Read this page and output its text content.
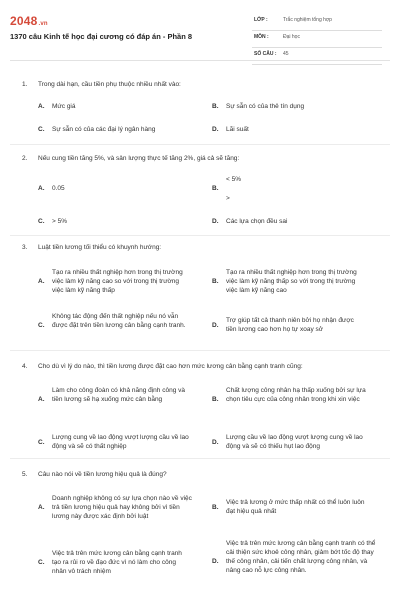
2048.vn
1370 câu Kinh tế học đại cương có đáp án - Phần 8
LỚP :	Trắc nghiệm tổng hợp
MÔN :	Đại học
SỐ CÂU : 45
1. Trong dài hạn, cầu tiền phụ thuộc nhiều nhất vào:
A. Mức giá	B. Sự sẵn có của thẻ tín dụng
C. Sự sẵn có của các đại lý ngân hàng	D. Lãi suất
2. Nếu cung tiền tăng 5%, và sản lượng thực tế tăng 2%, giá cả sẽ tăng:
A. 0.05	B.
< 5%
>
C. > 5%	D. Các lựa chọn đều sai
3. Luật tiền lương tối thiểu có khuynh hướng:
A.
Tạo ra nhiều thất nghiệp hơn trong thị trường việc làm kỹ năng cao so với trong thị trường việc làm kỹ năng thấp
B.
Tạo ra nhiều thất nghiệp hơn trong thị trường việc làm kỹ năng thấp so với trong thị trường việc làm kỹ năng cao
C.
Không tác động đến thất nghiệp nếu nó vẫn được đặt trên tiền lương cân bằng cạnh tranh.	D.
Trợ giúp tất cả thanh niên bởi họ nhận được tiền lương cao hơn họ tự xoay sở
4. Cho dù vì lý do nào, thì tiền lương được đặt cao hơn mức lương cân bằng cạnh tranh cũng:
A.
Làm cho công đoàn có khả năng định công và tiền lương sẽ hạ xuống mức cân bằng	B.
Chất lượng công nhân hạ thấp xuống bởi sự lựa chọn tiêu cực của công nhân trong khi xin việc
C.
Lượng cung về lao động vượt lượng cầu về lao động và sẽ có thất nghiệp
D.
Lượng cầu về lao động vượt lượng cung về lao động và sẽ có thiếu hụt lao động
5. Câu nào nói về tiền lương hiệu quả là đúng?
A.
Doanh nghiệp không có sự lựa chọn nào về việc trả tiền lương hiệu quả hay không bởi vì tiền lương này được xác định bởi luật
B.
Việc trả lương ở mức thấp nhất có thể luôn luôn đạt hiệu quả nhất
C.
Việc trả trên mức lương cân bằng cạnh tranh tạo ra rủi ro về đạo đức vì nó làm cho công nhân vô trách nhiệm
D.
Việc trả trên mức lương cân bằng cạnh tranh có thể cải thiện sức khoẻ công nhân, giảm bớt tốc độ thay thế công nhân, cải tiến chất lượng công nhân, và nâng cao nỗ lực công nhân.
